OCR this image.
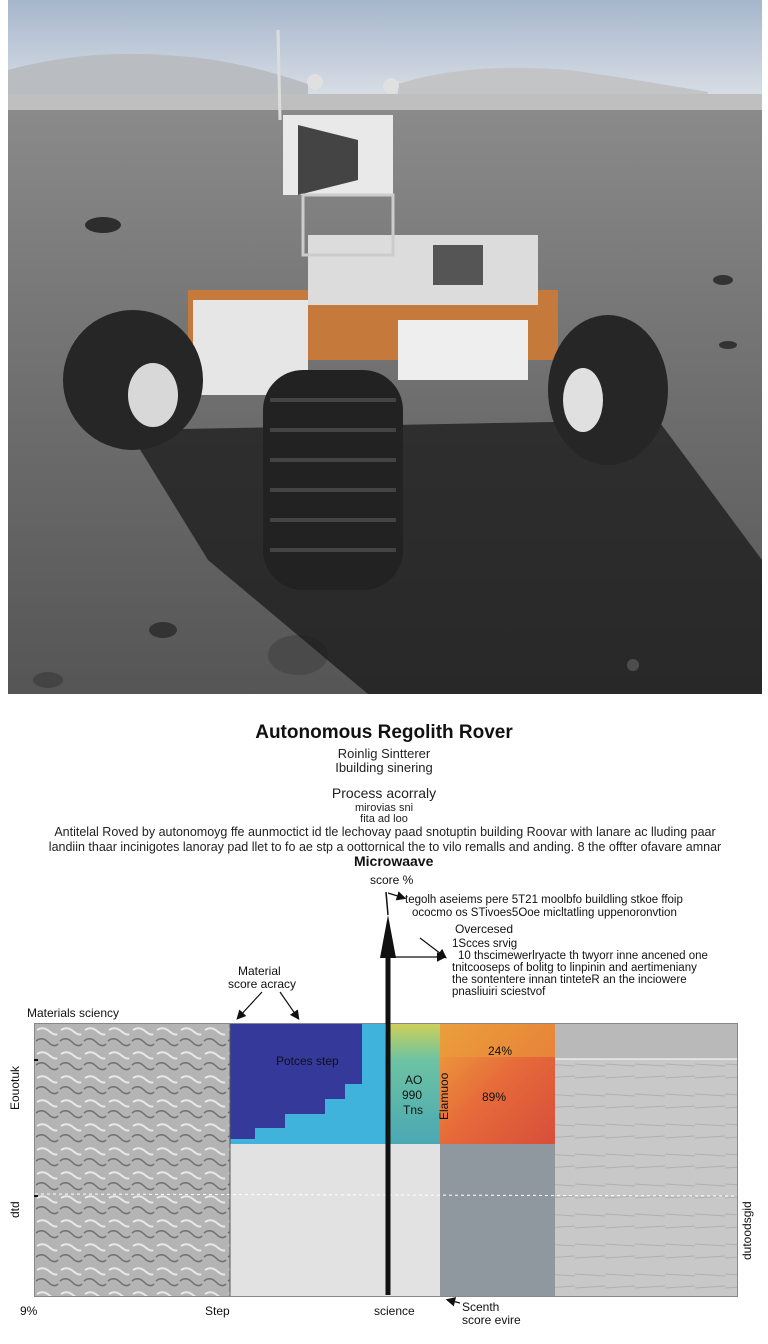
Autonomous Regolith Rover
Roinlig Sintterer
Ibuilding sinering
Process acorraly
mirovias sni
fita ad loo
Antitelal Roved by autonomoyg ffe aunmoctict id tle lechovay paad snotuptin building Roovar with lanare ac lluding paar
landiin thaar incinigotes lanoray pad llet to fo ae stp a oottornical the to vilo remalls and anding. 8 the offter ofavare amnar
Microwaave
score %
tegolh aseiems pere 5T21 moolbfo buildling stkoe ffoip
ococmo os STivoes5Ooe micltatling uppenoronvtion
Overcesed
1Scces srvig
10 thscimewerlryacte th twyorr inne ancened one
tnitcooseps of bolitg to linpinin and aertimeniany
the sontentere innan tinteteR an the inciowere
pnasliuiri sciestvof
Material
score acracy
Materials sciency
Potces step
24%
89%
AO
990
Tns Elamuoo
Eouotuk
dtd	dutoodsgid
9%	Step	science	Scenth
score evire
